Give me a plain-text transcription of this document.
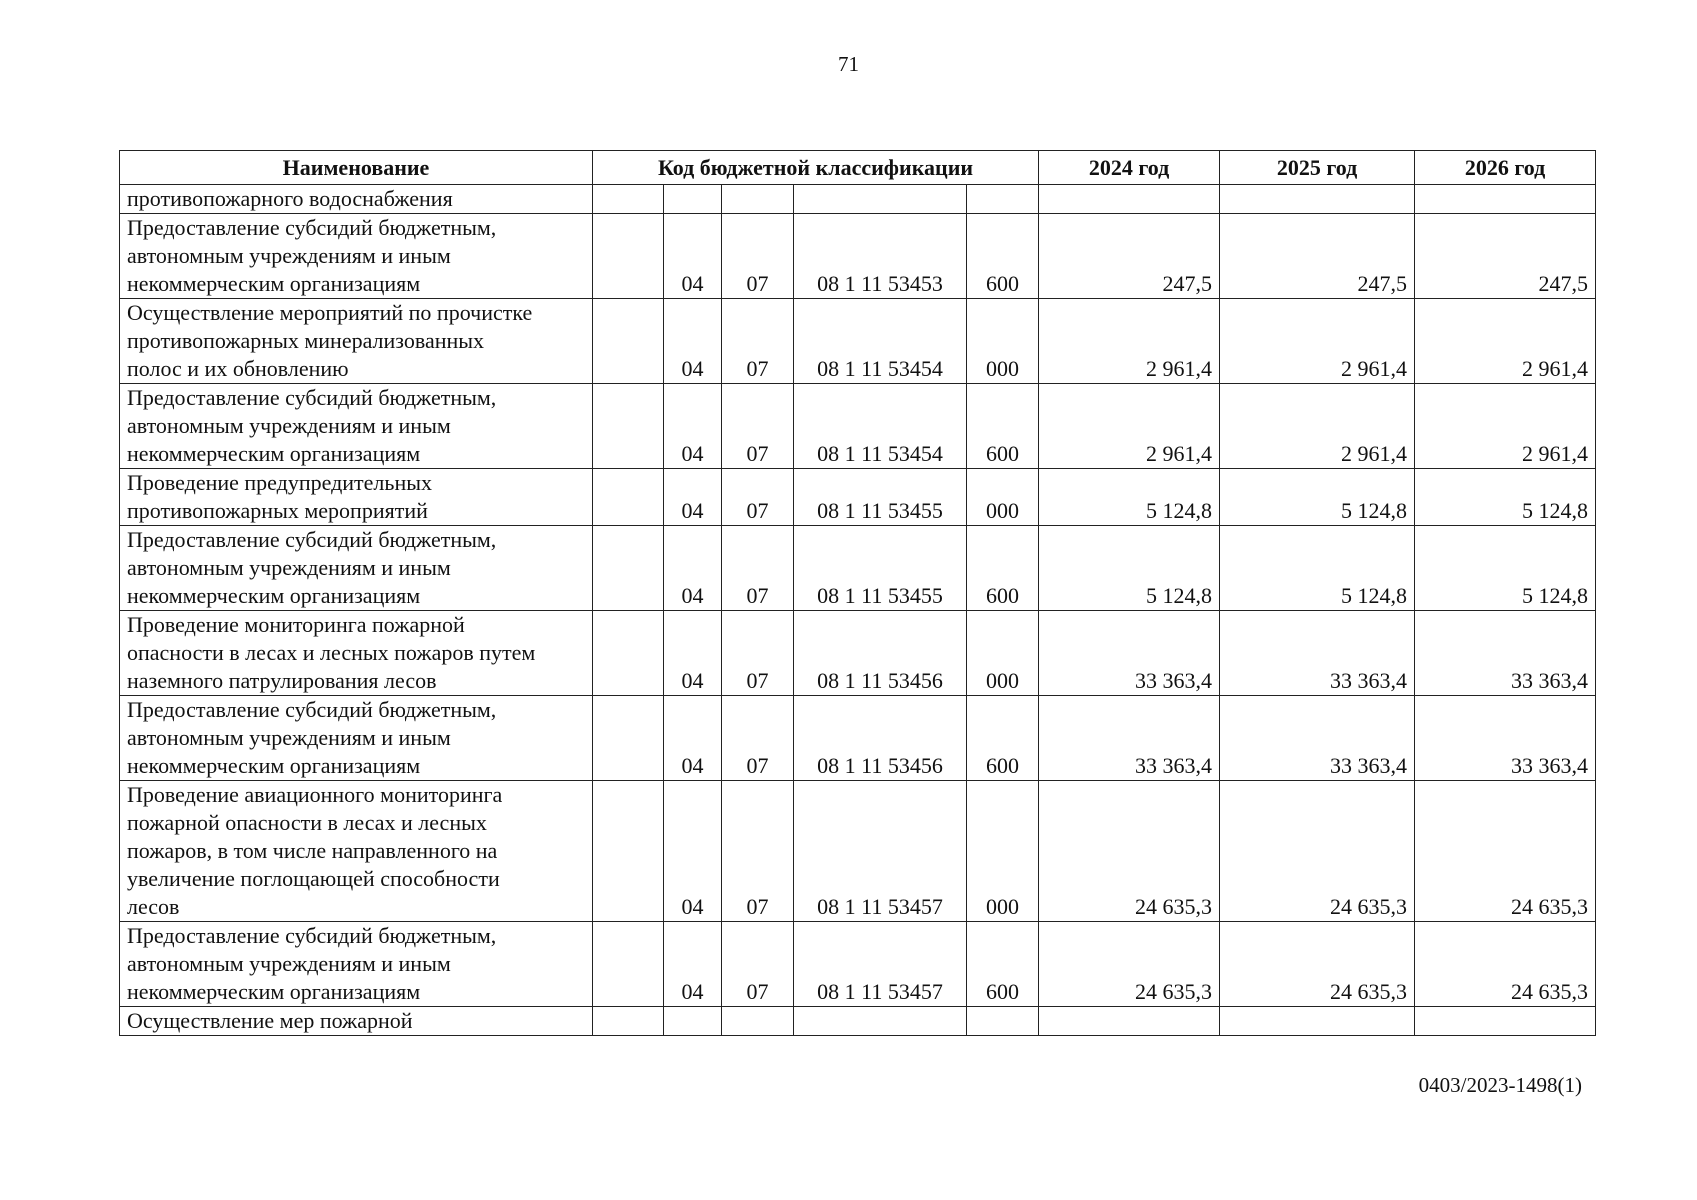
71
Наименование	Код бюджетной классификации					2024 год	2025 год	2026 год
противопожарного водоснабжения								
Предоставление субсидий бюджетным,
автономным учреждениям и иным
некоммерческим организациям		04	07	08 1 11 53453	600	247,5	247,5	247,5
Осуществление мероприятий по прочистке
противопожарных минерализованных
полос и их обновлению		04	07	08 1 11 53454	000	2 961,4	2 961,4	2 961,4
Предоставление субсидий бюджетным,
автономным учреждениям и иным
некоммерческим организациям		04	07	08 1 11 53454	600	2 961,4	2 961,4	2 961,4
Проведение предупредительных
противопожарных мероприятий		04	07	08 1 11 53455	000	5 124,8	5 124,8	5 124,8
Предоставление субсидий бюджетным,
автономным учреждениям и иным
некоммерческим организациям		04	07	08 1 11 53455	600	5 124,8	5 124,8	5 124,8
Проведение мониторинга пожарной
опасности в лесах и лесных пожаров путем
наземного патрулирования лесов		04	07	08 1 11 53456	000	33 363,4	33 363,4	33 363,4
Предоставление субсидий бюджетным,
автономным учреждениям и иным
некоммерческим организациям		04	07	08 1 11 53456	600	33 363,4	33 363,4	33 363,4
Проведение авиационного мониторинга
пожарной опасности в лесах и лесных
пожаров, в том числе направленного на
увеличение поглощающей способности
лесов		04	07	08 1 11 53457	000	24 635,3	24 635,3	24 635,3
Предоставление субсидий бюджетным,
автономным учреждениям и иным
некоммерческим организациям		04	07	08 1 11 53457	600	24 635,3	24 635,3	24 635,3
Осуществление мер пожарной								
0403/2023-1498(1)
